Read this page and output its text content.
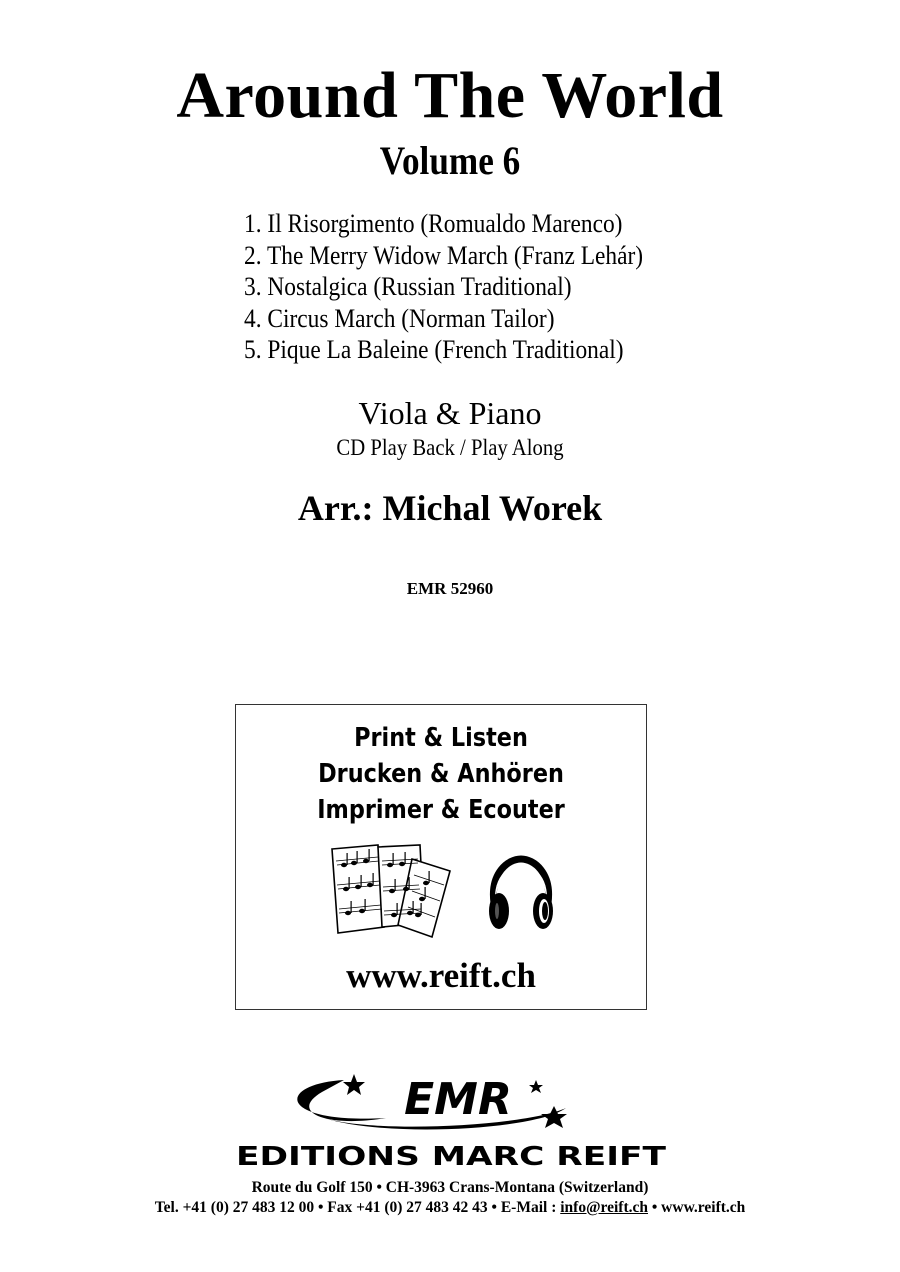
Around The World
Volume 6
1. Il Risorgimento (Romualdo Marenco)
2. The Merry Widow March (Franz Lehár)
3. Nostalgica (Russian Traditional)
4. Circus March (Norman Tailor)
5. Pique La Baleine (French Traditional)
Viola & Piano
CD Play Back / Play Along
Arr.: Michal Worek
EMR 52960
Print & Listen
Drucken & Anhören
Imprimer & Ecouter
www.reift.ch
EMR
EDITIONS MARC REIFT
Route du Golf 150 • CH-3963 Crans-Montana (Switzerland)
Tel. +41 (0) 27 483 12 00 • Fax +41 (0) 27 483 42 43 • E-Mail : info@reift.ch • www.reift.ch
